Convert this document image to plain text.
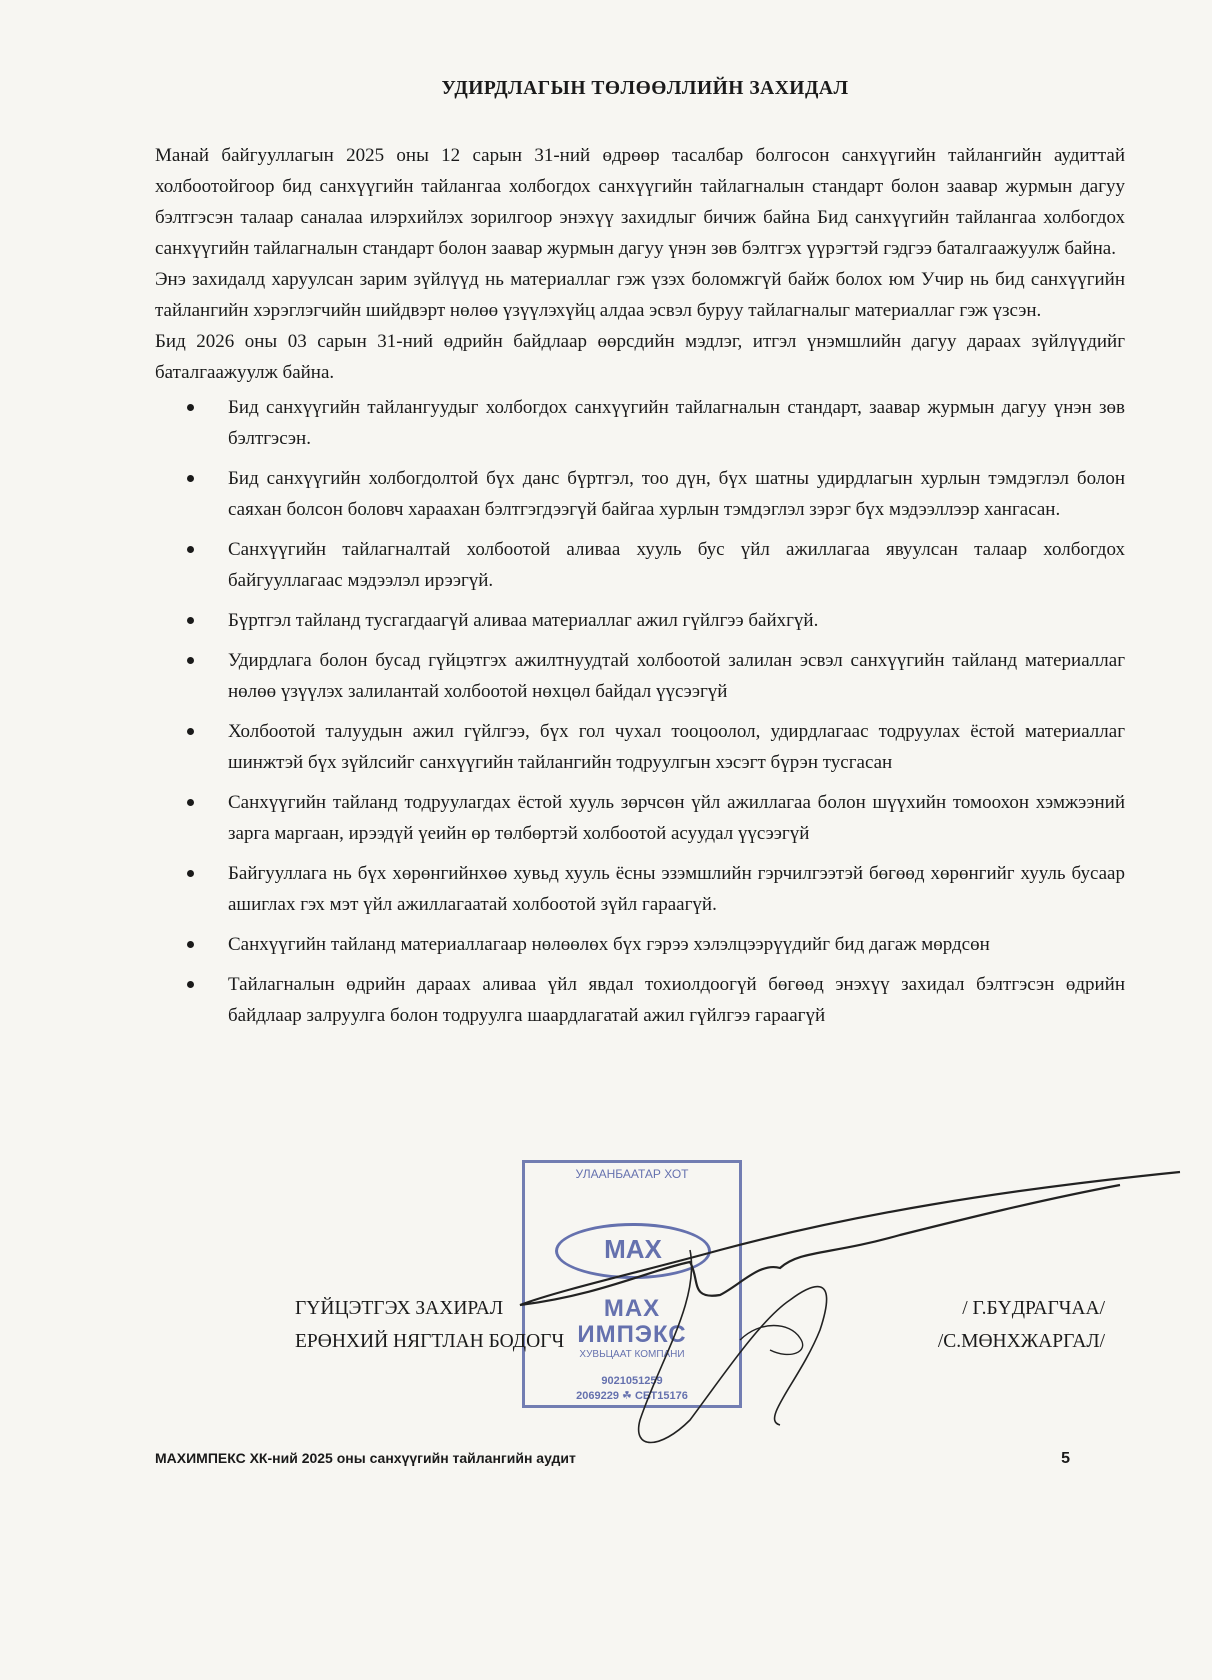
УДИРДЛАГЫН ТӨЛӨӨЛЛИЙН ЗАХИДАЛ

Манай байгууллагын 2025 оны 12 сарын 31-ний өдрөөр тасалбар болгосон санхүүгийн тайлангийн аудиттай холбоотойгоор бид санхүүгийн тайлангаа холбогдох санхүүгийн тайлагналын стандарт болон заавар журмын дагуу бэлтгэсэн талаар саналаа илэрхийлэх зорилгоор энэхүү захидлыг бичиж байна Бид санхүүгийн тайлангаа холбогдох санхүүгийн тайлагналын стандарт болон заавар журмын дагуу үнэн зөв бэлтгэх үүрэгтэй гэдгээ баталгаажуулж байна.

Энэ захидалд харуулсан зарим зүйлүүд нь материаллаг гэж үзэх боломжгүй байж болох юм Учир нь бид санхүүгийн тайлангийн хэрэглэгчийн шийдвэрт нөлөө үзүүлэхүйц алдаа эсвэл буруу тайлагналыг материаллаг гэж үзсэн.

Бид 2026 оны 03 сарын 31-ний өдрийн байдлаар өөрсдийн мэдлэг, итгэл үнэмшлийн дагуу дараах зүйлүүдийг баталгаажуулж байна.

Бид санхүүгийн тайлангуудыг холбогдох санхүүгийн тайлагналын стандарт, заавар журмын дагуу үнэн зөв бэлтгэсэн.
Бид санхүүгийн холбогдолтой бүх данс бүртгэл, тоо дүн, бүх шатны удирдлагын хурлын тэмдэглэл болон саяхан болсон боловч хараахан бэлтгэгдээгүй байгаа хурлын тэмдэглэл зэрэг бүх мэдээллээр хангасан.
Санхүүгийн тайлагналтай холбоотой аливаа хууль бус үйл ажиллагаа явуулсан талаар холбогдох байгууллагаас мэдээлэл ирээгүй.
Бүртгэл тайланд тусгагдаагүй аливаа материаллаг ажил гүйлгээ байхгүй.
Удирдлага болон бусад гүйцэтгэх ажилтнуудтай холбоотой залилан эсвэл санхүүгийн тайланд материаллаг нөлөө үзүүлэх залилантай холбоотой нөхцөл байдал үүсээгүй
Холбоотой талуудын ажил гүйлгээ, бүх гол чухал тооцоолол, удирдлагаас тодруулах ёстой материаллаг шинжтэй бүх зүйлсийг санхүүгийн тайлангийн тодруулгын хэсэгт бүрэн тусгасан
Санхүүгийн тайланд тодруулагдах ёстой хууль зөрчсөн үйл ажиллагаа болон шүүхийн томоохон хэмжээний зарга маргаан, ирээдүй үеийн өр төлбөртэй холбоотой асуудал үүсээгүй
Байгууллага нь бүх хөрөнгийнхөө хувьд хууль ёсны эзэмшлийн гэрчилгээтэй бөгөөд хөрөнгийг хууль бусаар ашиглах гэх мэт үйл ажиллагаатай холбоотой зүйл гараагүй.
Санхүүгийн тайланд материаллагаар нөлөөлөх бүх гэрээ хэлэлцээрүүдийг бид дагаж мөрдсөн
Тайлагналын өдрийн дараах аливаа үйл явдал тохиолдоогүй бөгөөд энэхүү захидал бэлтгэсэн өдрийн байдлаар залруулга болон тодруулга шаардлагатай ажил гүйлгээ гараагүй
УЛААНБААТАР ХОТ
МАХ
МАХ
ИМПЭКС
ХУВЬЦААТ КОМПАНИ
9021051259
2069229 ☘ СБТ15176
ГҮЙЦЭТГЭХ ЗАХИРАЛ	/ Г.БҮДРАГЧАА/
ЕРӨНХИЙ НЯГТЛАН БОДОГЧ	/С.МӨНХЖАРГАЛ/
МАХИМПЕКС ХК-ний 2025 оны санхүүгийн тайлангийн аудит	5
